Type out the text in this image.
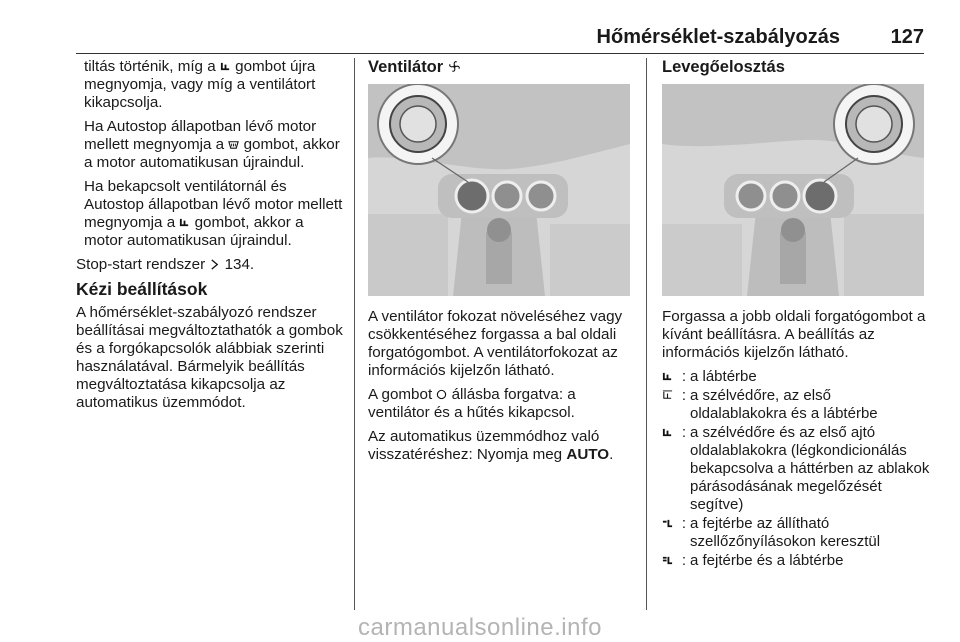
Hőmérséklet-szabályozás	127

tiltás történik, míg a  gombot újra megnyomja, vagy míg a ventilátort kikapcsolja.

Ha Autostop állapotban lévő motor mellett megnyomja a  gombot, akkor a motor automatikusan újraindul.

Ha bekapcsolt ventilátornál és Autostop állapotban lévő motor mellett megnyomja a  gombot, akkor a motor automatikusan újraindul.

Stop-start rendszer  134.

Kézi beállítások

A hőmérséklet-szabályozó rendszer beállításai megváltoztathatók a gombok és a forgókapcsolók alábbiak szerinti használatával. Bármelyik beállítás megváltoztatása kikapcsolja az automatikus üzemmódot.

Ventilátor

A ventilátor fokozat növeléséhez vagy csökkentéséhez forgassa a bal oldali forgatógombot. A ventilátorfokozat az információs kijelzőn látható.

A gombot  állásba forgatva: a ventilátor és a hűtés kikapcsol.

Az automatikus üzemmódhoz való visszatéréshez: Nyomja meg AUTO.

Levegőelosztás

Forgassa a jobb oldali forgatógombot a kívánt beállításra. A beállítás az információs kijelzőn látható.

: a lábtérbe
: a szélvédőre, az első oldalablakokra és a lábtérbe
: a szélvédőre és az első ajtó oldalablakokra (légkondicionálás bekapcsolva a háttérben az ablakok párásodásának megelőzését segítve)
: a fejtérbe az állítható szellőzőnyílásokon keresztül
: a fejtérbe és a lábtérbe
carmanualsonline.info
